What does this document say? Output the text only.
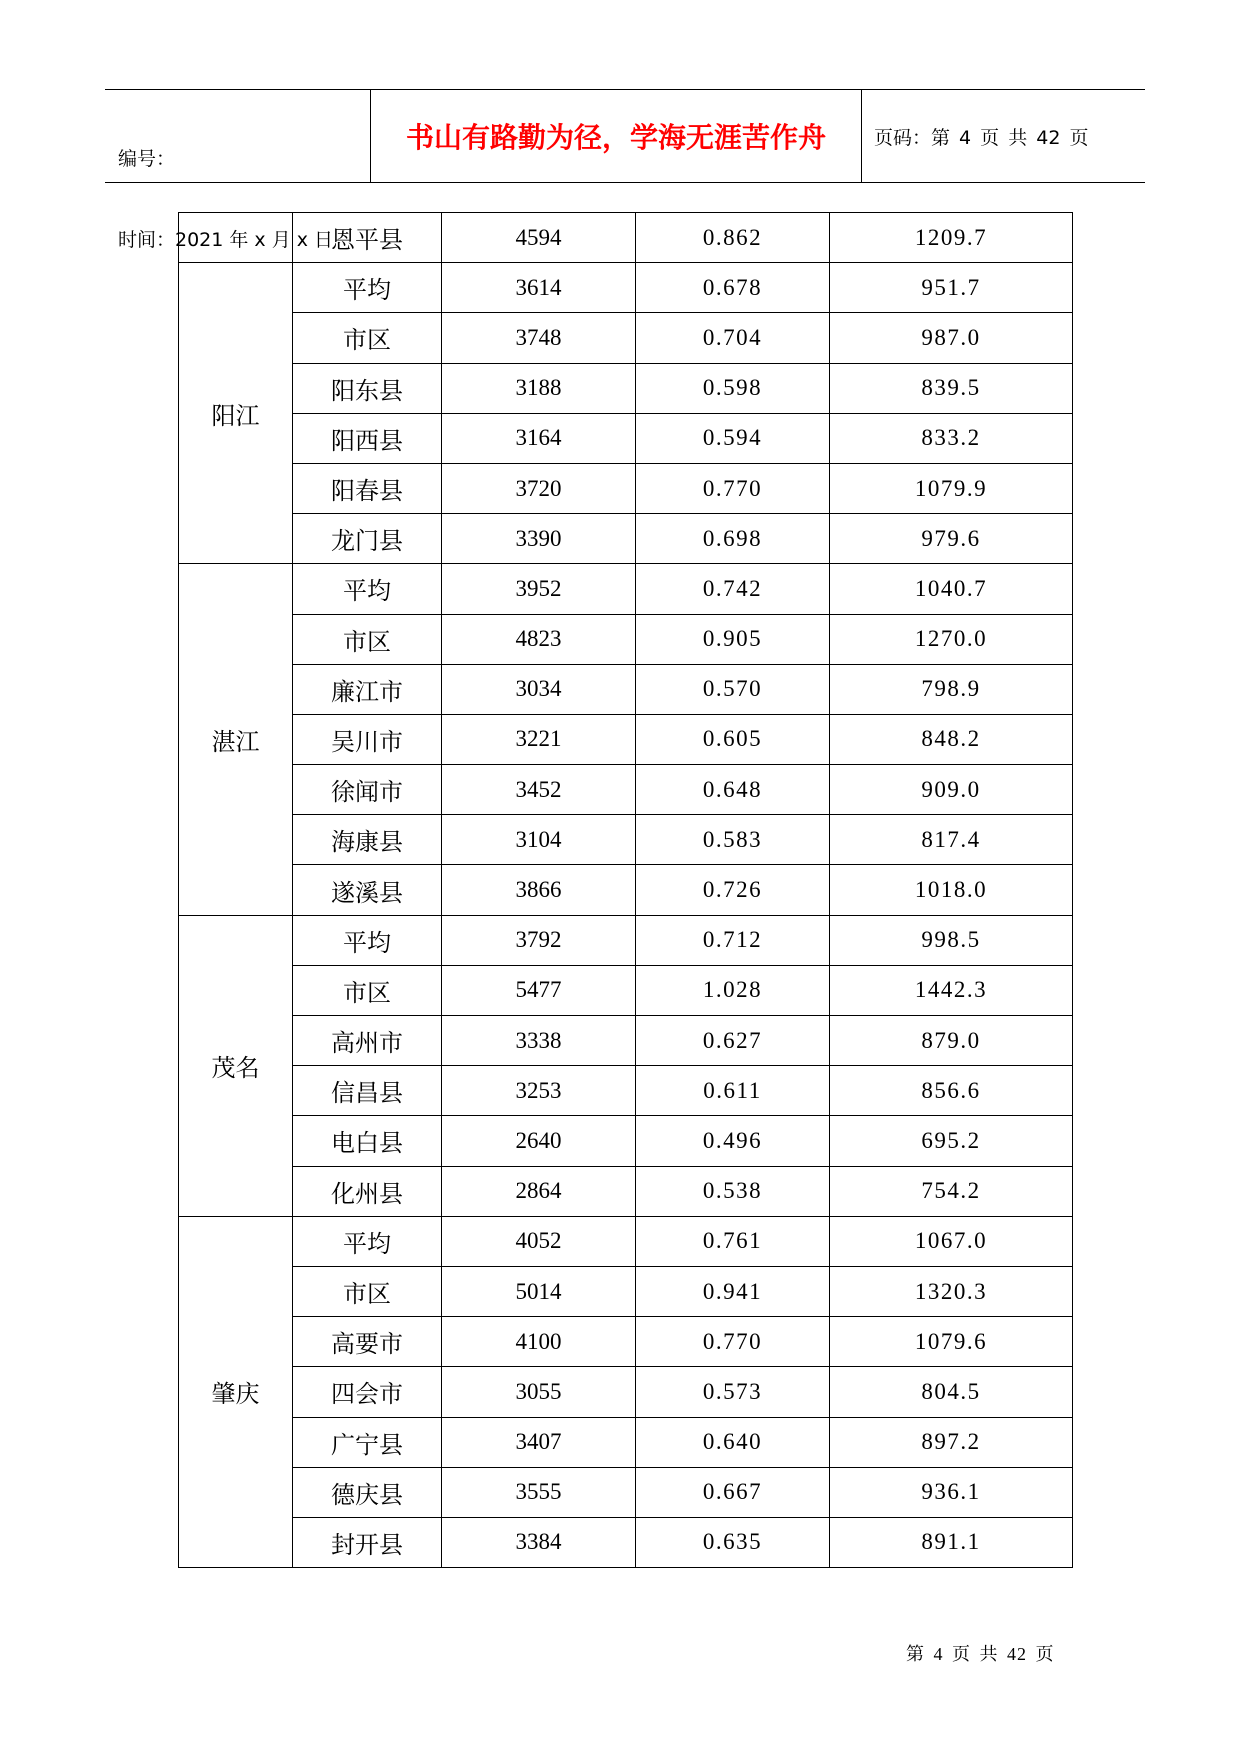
编号：

时间：2021 年 x 月 x 日

书山有路勤为径，学海无涯苦作舟	页码：第 4 页 共 42 页
	恩平县	4594	0.862	1209.7
阳江	平均	3614	0.678	951.7
	市区	3748	0.704	987.0
	阳东县	3188	0.598	839.5
	阳西县	3164	0.594	833.2
	阳春县	3720	0.770	1079.9
	龙门县	3390	0.698	979.6
湛江	平均	3952	0.742	1040.7
	市区	4823	0.905	1270.0
	廉江市	3034	0.570	798.9
	吴川市	3221	0.605	848.2
	徐闻市	3452	0.648	909.0
	海康县	3104	0.583	817.4
	遂溪县	3866	0.726	1018.0
茂名	平均	3792	0.712	998.5
	市区	5477	1.028	1442.3
	高州市	3338	0.627	879.0
	信昌县	3253	0.611	856.6
	电白县	2640	0.496	695.2
	化州县	2864	0.538	754.2
肇庆	平均	4052	0.761	1067.0
	市区	5014	0.941	1320.3
	高要市	4100	0.770	1079.6
	四会市	3055	0.573	804.5
	广宁县	3407	0.640	897.2
	德庆县	3555	0.667	936.1
	封开县	3384	0.635	891.1
第 4 页 共 42 页
